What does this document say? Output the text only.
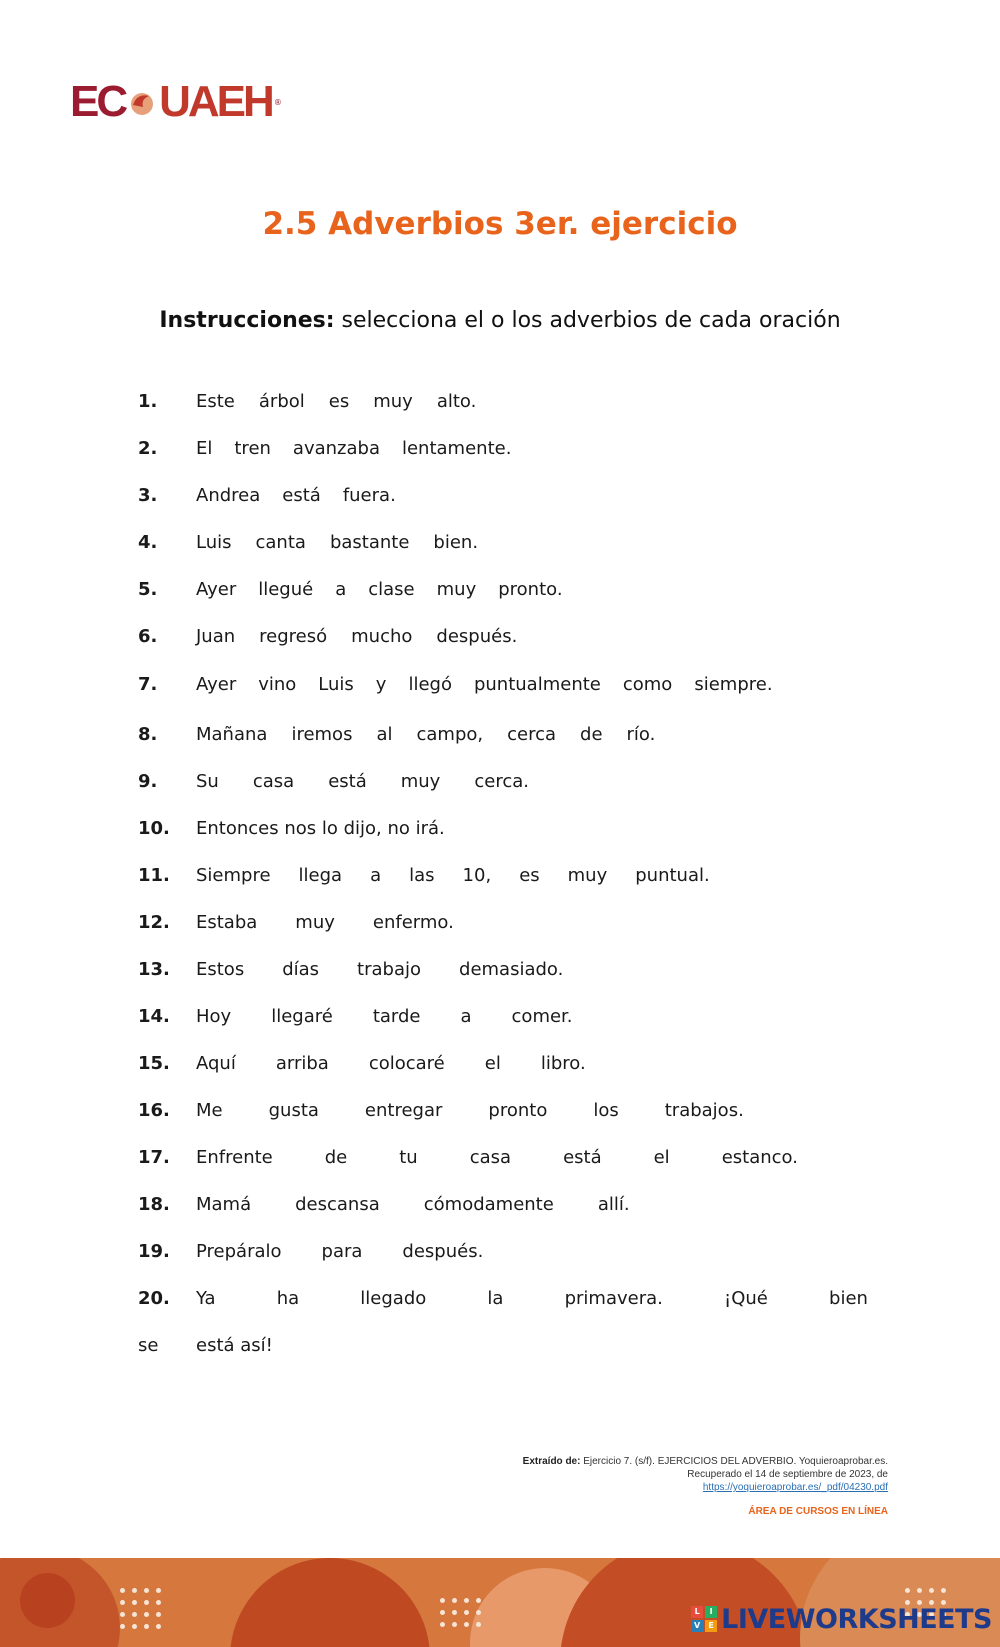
EC UAEH ®
2.5 Adverbios 3er. ejercicio
Instrucciones: selecciona el o los adverbios de cada oración
1.	Este árbol es muy alto.
2.	El tren avanzaba lentamente.
3.	Andrea está fuera.
4.	Luis canta bastante bien.
5.	Ayer llegué a clase muy pronto.
6.	Juan regresó mucho después.
7.	Ayer vino Luis y llegó puntualmente como siempre.
8.	Mañana iremos al campo, cerca de río.
9.	Su casa está muy cerca.
10.	Entonces nos lo dijo, no irá.
11.	Siempre llega a las 10, es muy puntual.
12.	Estaba muy enfermo.
13.	Estos días trabajo demasiado.
14.	Hoy llegaré tarde a comer.
15.	Aquí arriba colocaré el libro.
16.	Me	gusta	entregar	pronto	los	trabajos.
17.	Enfrente	de	tu	casa	está	el	estanco.
18.	Mamá descansa cómodamente allí.
19.	Prepáralo para después.
20.	Ya	ha	llegado	la	primavera.	¡Qué	bien
se	está así!
Extraído de: Ejercicio 7. (s/f). EJERCICIOS DEL ADVERBIO. Yoquieroaprobar.es.
Recuperado el 14 de septiembre de 2023, de
https://yoquieroaprobar.es/_pdf/04230.pdf
ÁREA DE CURSOS EN LÍNEA
L	I
V	E LIVEWORKSHEETS
